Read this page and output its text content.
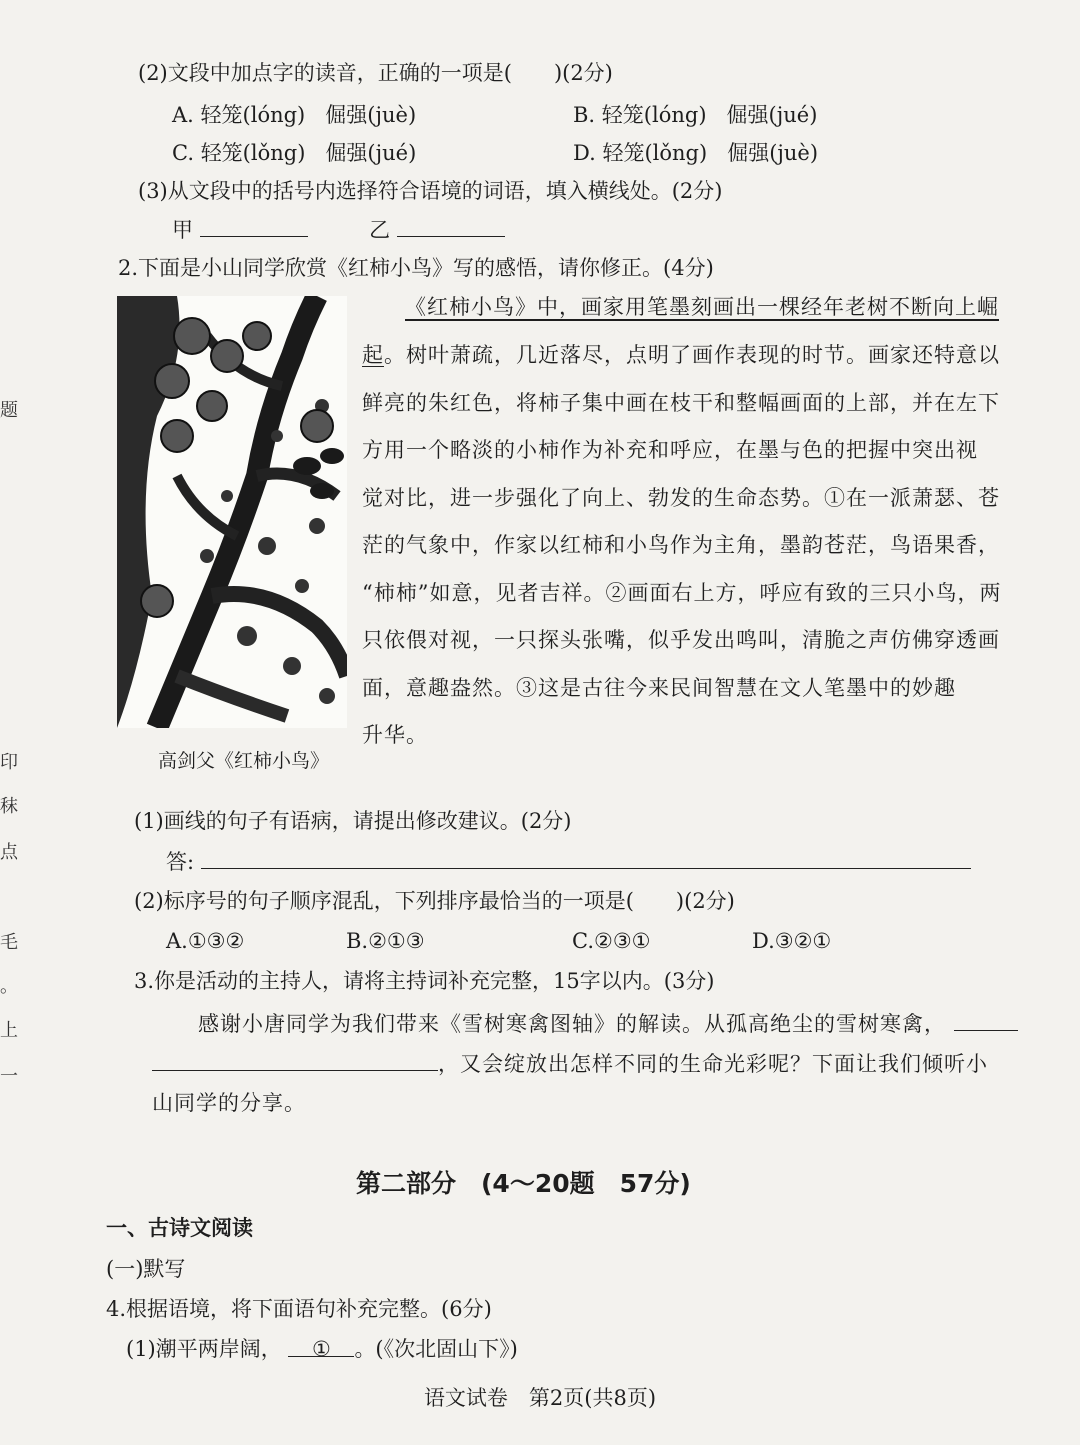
(2)文段中加点字的读音，正确的一项是(　　)(2分)
A. 轻笼(lóng) 倔强(juè)	B. 轻笼(lóng) 倔强(jué)
C. 轻笼(lǒng) 倔强(jué)	D. 轻笼(lǒng) 倔强(juè)
(3)从文段中的括号内选择符合语境的词语，填入横线处。(2分)
甲	乙
2.下面是小山同学欣赏《红柿小鸟》写的感悟，请你修正。(4分)
高剑父《红柿小鸟》
《红柿小鸟》中，画家用笔墨刻画出一棵经年老树不断向上崛
起。树叶萧疏，几近落尽，点明了画作表现的时节。画家还特意以
鲜亮的朱红色，将柿子集中画在枝干和整幅画面的上部，并在左下
方用一个略淡的小柿作为补充和呼应，在墨与色的把握中突出视
觉对比，进一步强化了向上、勃发的生命态势。①在一派萧瑟、苍
茫的气象中，作家以红柿和小鸟作为主角，墨韵苍茫，鸟语果香，
“柿柿”如意，见者吉祥。②画面右上方，呼应有致的三只小鸟，两
只依偎对视，一只探头张嘴，似乎发出鸣叫，清脆之声仿佛穿透画
面，意趣盎然。③这是古往今来民间智慧在文人笔墨中的妙趣
升华。
(1)画线的句子有语病，请提出修改建议。(2分)
答:
(2)标序号的句子顺序混乱，下列排序最恰当的一项是(　　)(2分)
A.①③②	B.②①③	C.②③①	D.③②①
3.你是活动的主持人，请将主持词补充完整，15字以内。(3分)
感谢小唐同学为我们带来《雪树寒禽图轴》的解读。从孤高绝尘的雪树寒禽，
，又会绽放出怎样不同的生命光彩呢？下面让我们倾听小
山同学的分享。
第二部分　(4～20题　57分)
一、古诗文阅读
(一)默写
4.根据语境，将下面语句补充完整。(6分)
(1)潮平两岸阔， ① 。(《次北固山下》)
语文试卷　第2页(共8页)
题
印
秣
点
毛
。
上
一
